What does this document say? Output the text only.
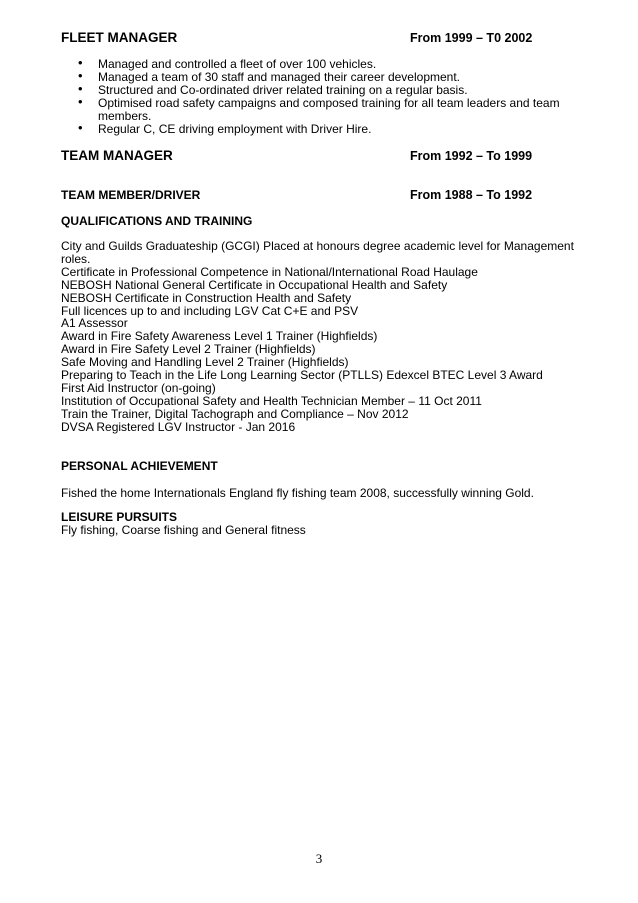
FLEET MANAGER	From 1999 – T0 2002
• Managed and controlled a fleet of over 100 vehicles.
• Managed a team of 30 staff and managed their career development.
• Structured and Co-ordinated driver related training on a regular basis.
• Optimised road safety campaigns and composed training for all team leaders and team members.
• Regular C, CE driving employment with Driver Hire.
TEAM MANAGER	From 1992 – To 1999
TEAM MEMBER/DRIVER	From 1988 – To 1992
QUALIFICATIONS AND TRAINING
City and Guilds Graduateship (GCGI) Placed at honours degree academic level for Management roles.
Certificate in Professional Competence in National/International Road Haulage
NEBOSH National General Certificate in Occupational Health and Safety
NEBOSH Certificate in Construction Health and Safety
Full licences up to and including LGV Cat C+E and PSV
A1 Assessor
Award in Fire Safety Awareness Level 1 Trainer (Highfields)
Award in Fire Safety Level 2 Trainer (Highfields)
Safe Moving and Handling Level 2 Trainer (Highfields)
Preparing to Teach in the Life Long Learning Sector (PTLLS) Edexcel BTEC Level 3 Award
First Aid Instructor (on-going)
Institution of Occupational Safety and Health Technician Member – 11 Oct 2011
Train the Trainer, Digital Tachograph and Compliance – Nov 2012
DVSA Registered LGV Instructor - Jan 2016
PERSONAL ACHIEVEMENT
Fished the home Internationals England fly fishing team 2008, successfully winning Gold.
LEISURE PURSUITS
Fly fishing, Coarse fishing and General fitness
3
